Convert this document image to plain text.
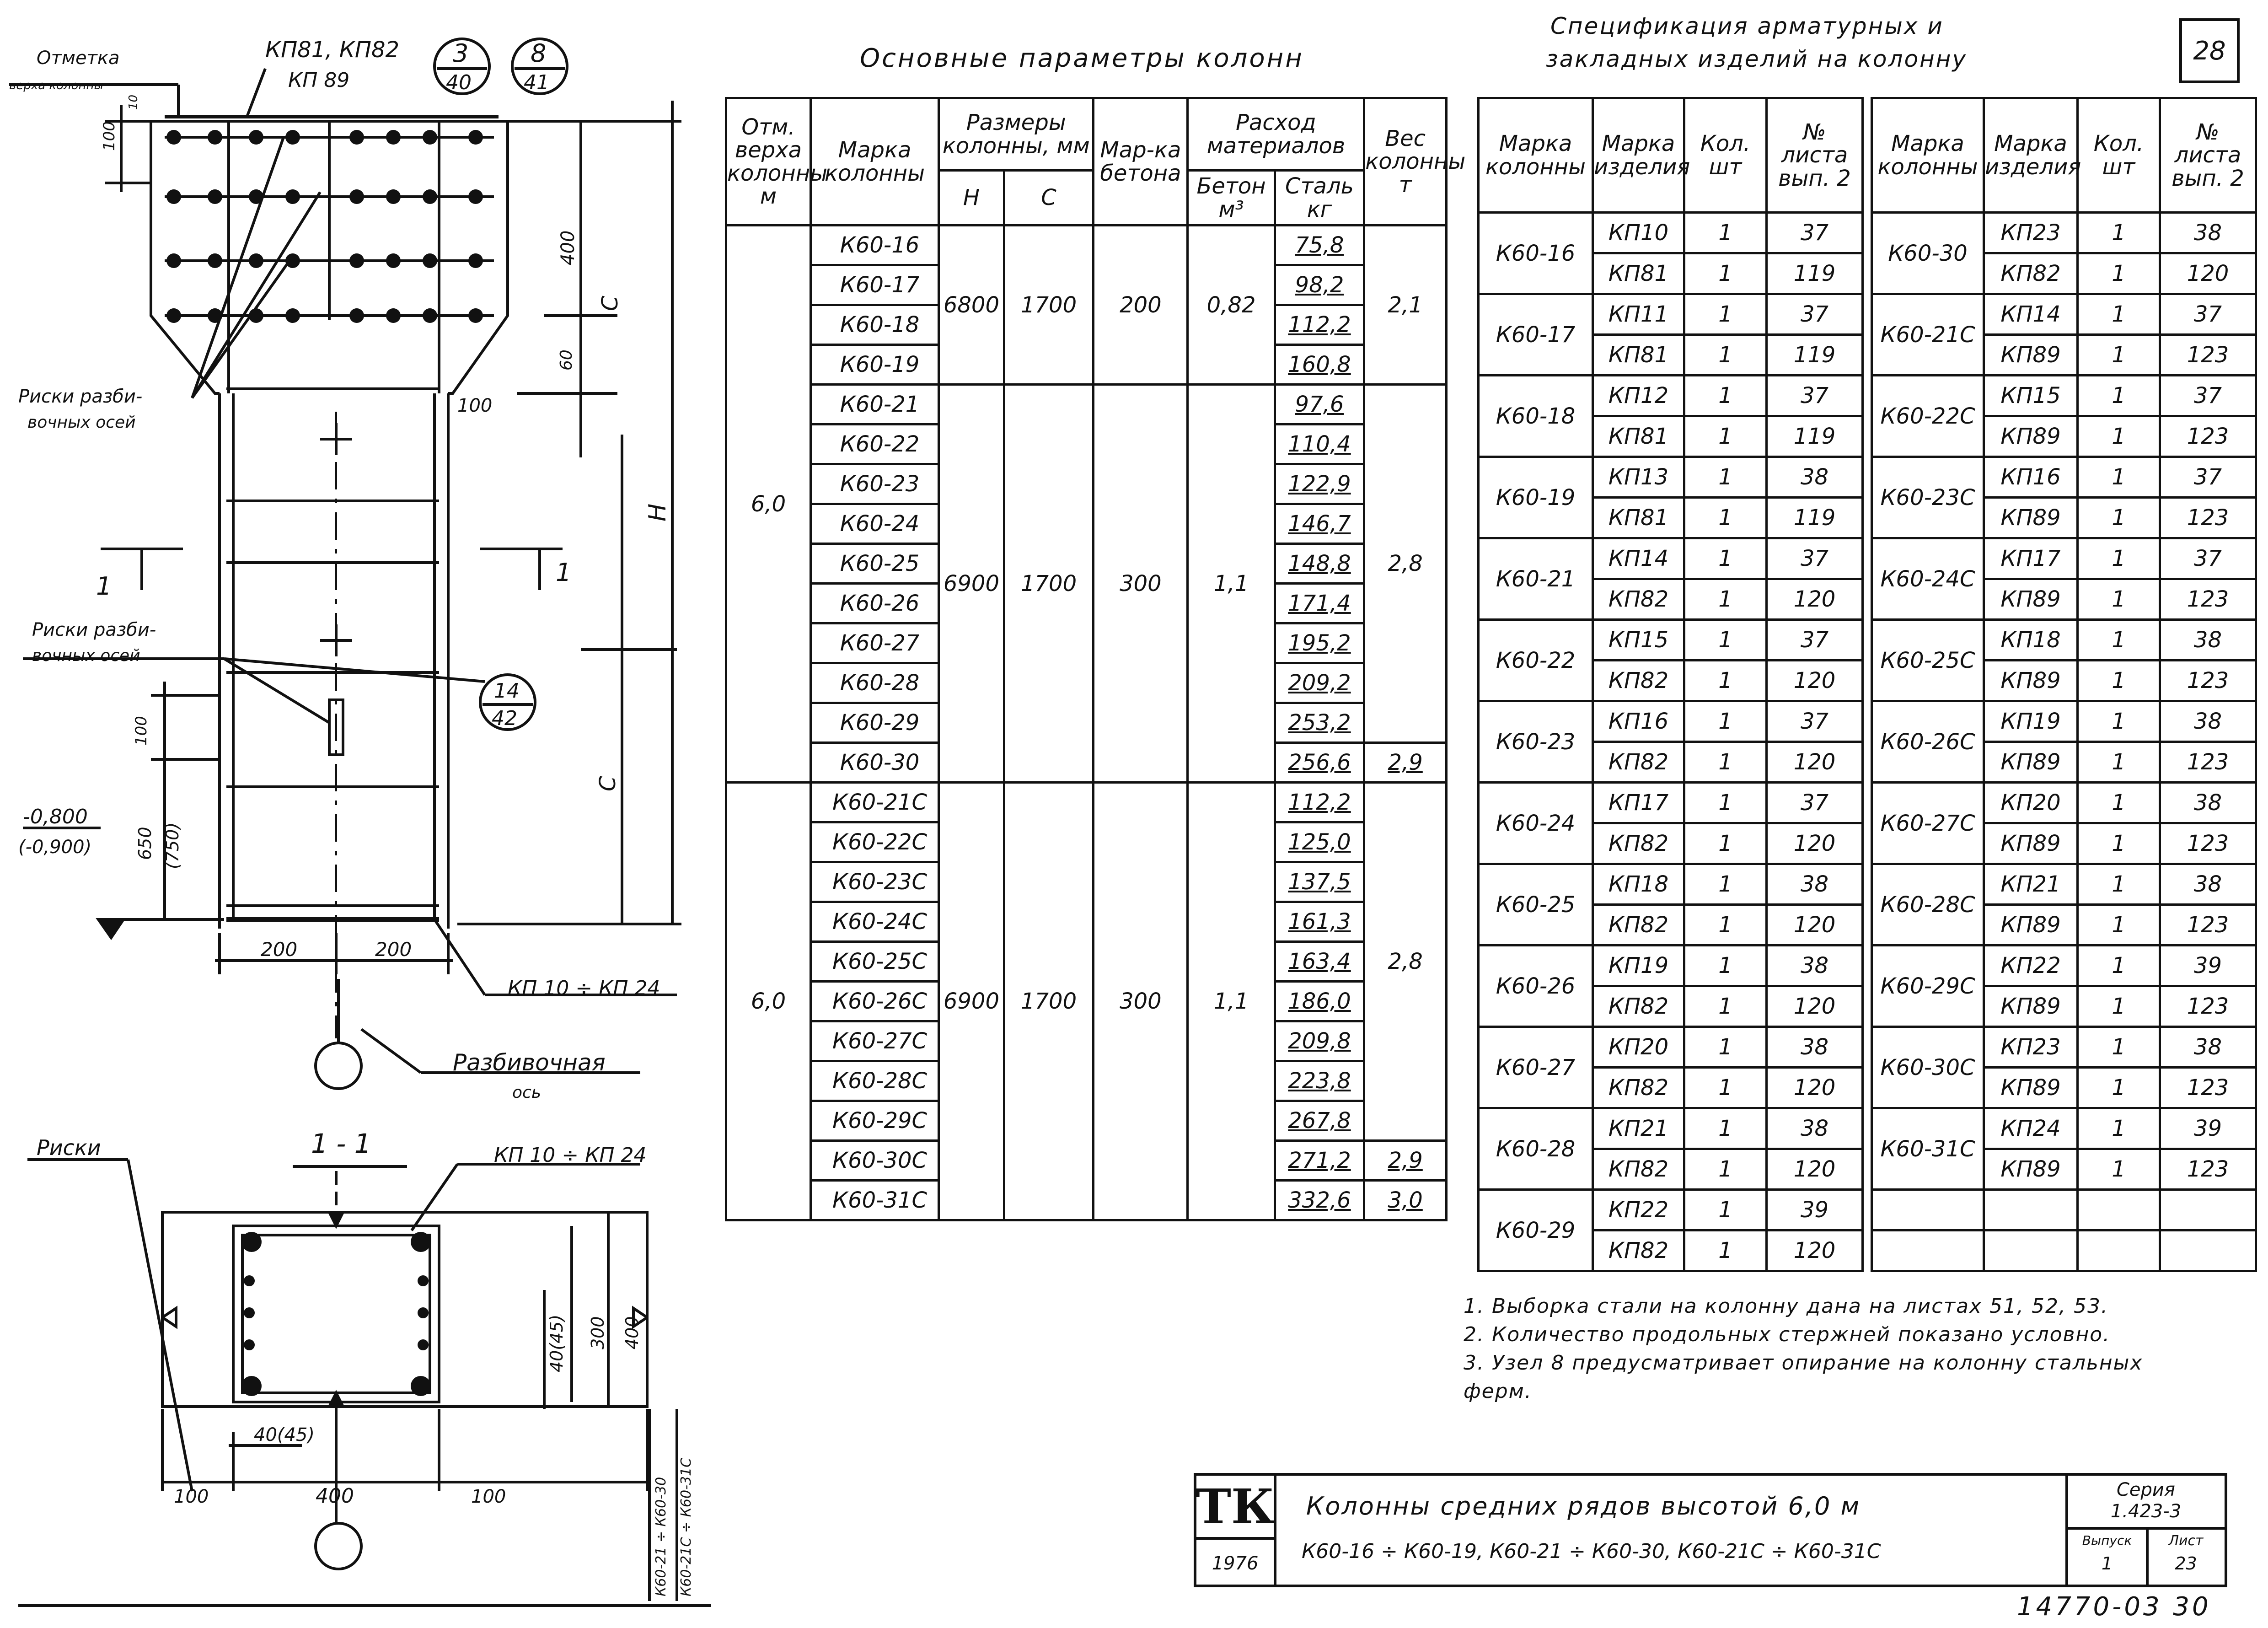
Отметка
верха колонны
КП81, КП82
КП 89
3
40
8
41
14
42
Риски разби-
вочных осей
Риски разби-
вочных осей
1	1
1 - 1
КП 10 ÷ КП 24
Разбивочная
ось
Риски	КП 10 ÷ КП 24
-0,800
(-0,900)
100
10
400
60
100
С
Н
С
100
650 (750)
200	200
300 400
40(45)
40(45)
100	400	100	К60-21 ÷ К60-30 К60-21С ÷ К60-31С
Основные параметры колонн
Отм. верха колонны м	Марка колонны	Размеры колонны, мм		Мар-ка бетона	Расход материалов		Вес колонны т
		Н	С		Бетон м³	Сталь кг	
6,0	К60-16	6800	1700	200	0,82	75,8	2,1
	К60-17					98,2	
	К60-18					112,2	
	К60-19					160,8	
	К60-21	6900	1700	300	1,1	97,6	2,8
	К60-22					110,4	
	К60-23					122,9	
	К60-24					146,7	
	К60-25					148,8	
	К60-26					171,4	
	К60-27					195,2	
	К60-28					209,2	
	К60-29					253,2	
	К60-30					256,6	2,9
6,0	К60-21С	6900	1700	300	1,1	112,2	2,8
	К60-22С					125,0	
	К60-23С					137,5	
	К60-24С					161,3	
	К60-25С					163,4	
	К60-26С					186,0	
	К60-27С					209,8	
	К60-28С					223,8	
	К60-29С					267,8	
	К60-30С					271,2	2,9
	К60-31С					332,6	3,0
Спецификация арматурных и
закладных изделий на колонну	28
Марка колонны	Марка изделия	Кол. шт	№ листа вып. 2
К60-16	КП10	1	37
	КП81	1	119
К60-17	КП11	1	37
	КП81	1	119
К60-18	КП12	1	37
	КП81	1	119
К60-19	КП13	1	38
	КП81	1	119
К60-21	КП14	1	37
	КП82	1	120
К60-22	КП15	1	37
	КП82	1	120
К60-23	КП16	1	37
	КП82	1	120
К60-24	КП17	1	37
	КП82	1	120
К60-25	КП18	1	38
	КП82	1	120
К60-26	КП19	1	38
	КП82	1	120
К60-27	КП20	1	38
	КП82	1	120
К60-28	КП21	1	38
	КП82	1	120
К60-29	КП22	1	39
	КП82	1	120
Марка колонны	Марка изделия	Кол. шт	№ листа вып. 2
К60-30	КП23	1	38
	КП82	1	120
К60-21С	КП14	1	37
	КП89	1	123
К60-22С	КП15	1	37
	КП89	1	123
К60-23С	КП16	1	37
	КП89	1	123
К60-24С	КП17	1	37
	КП89	1	123
К60-25С	КП18	1	38
	КП89	1	123
К60-26С	КП19	1	38
	КП89	1	123
К60-27С	КП20	1	38
	КП89	1	123
К60-28С	КП21	1	38
	КП89	1	123
К60-29С	КП22	1	39
	КП89	1	123
К60-30С	КП23	1	38
	КП89	1	123
К60-31С	КП24	1	39
	КП89	1	123

1. Выборка стали на колонну дана на листах 51, 52, 53.
2. Количество продольных стержней показано условно.
3. Узел 8 предусматривает опирание на колонну стальных ферм.
ТК
1976
Колонны средних рядов высотой 6,0 м
К60-16 ÷ К60-19, К60-21 ÷ К60-30, К60-21С ÷ К60-31С
Серия
1.423-3
Выпуск
1
Лист
23
14770-03 30
